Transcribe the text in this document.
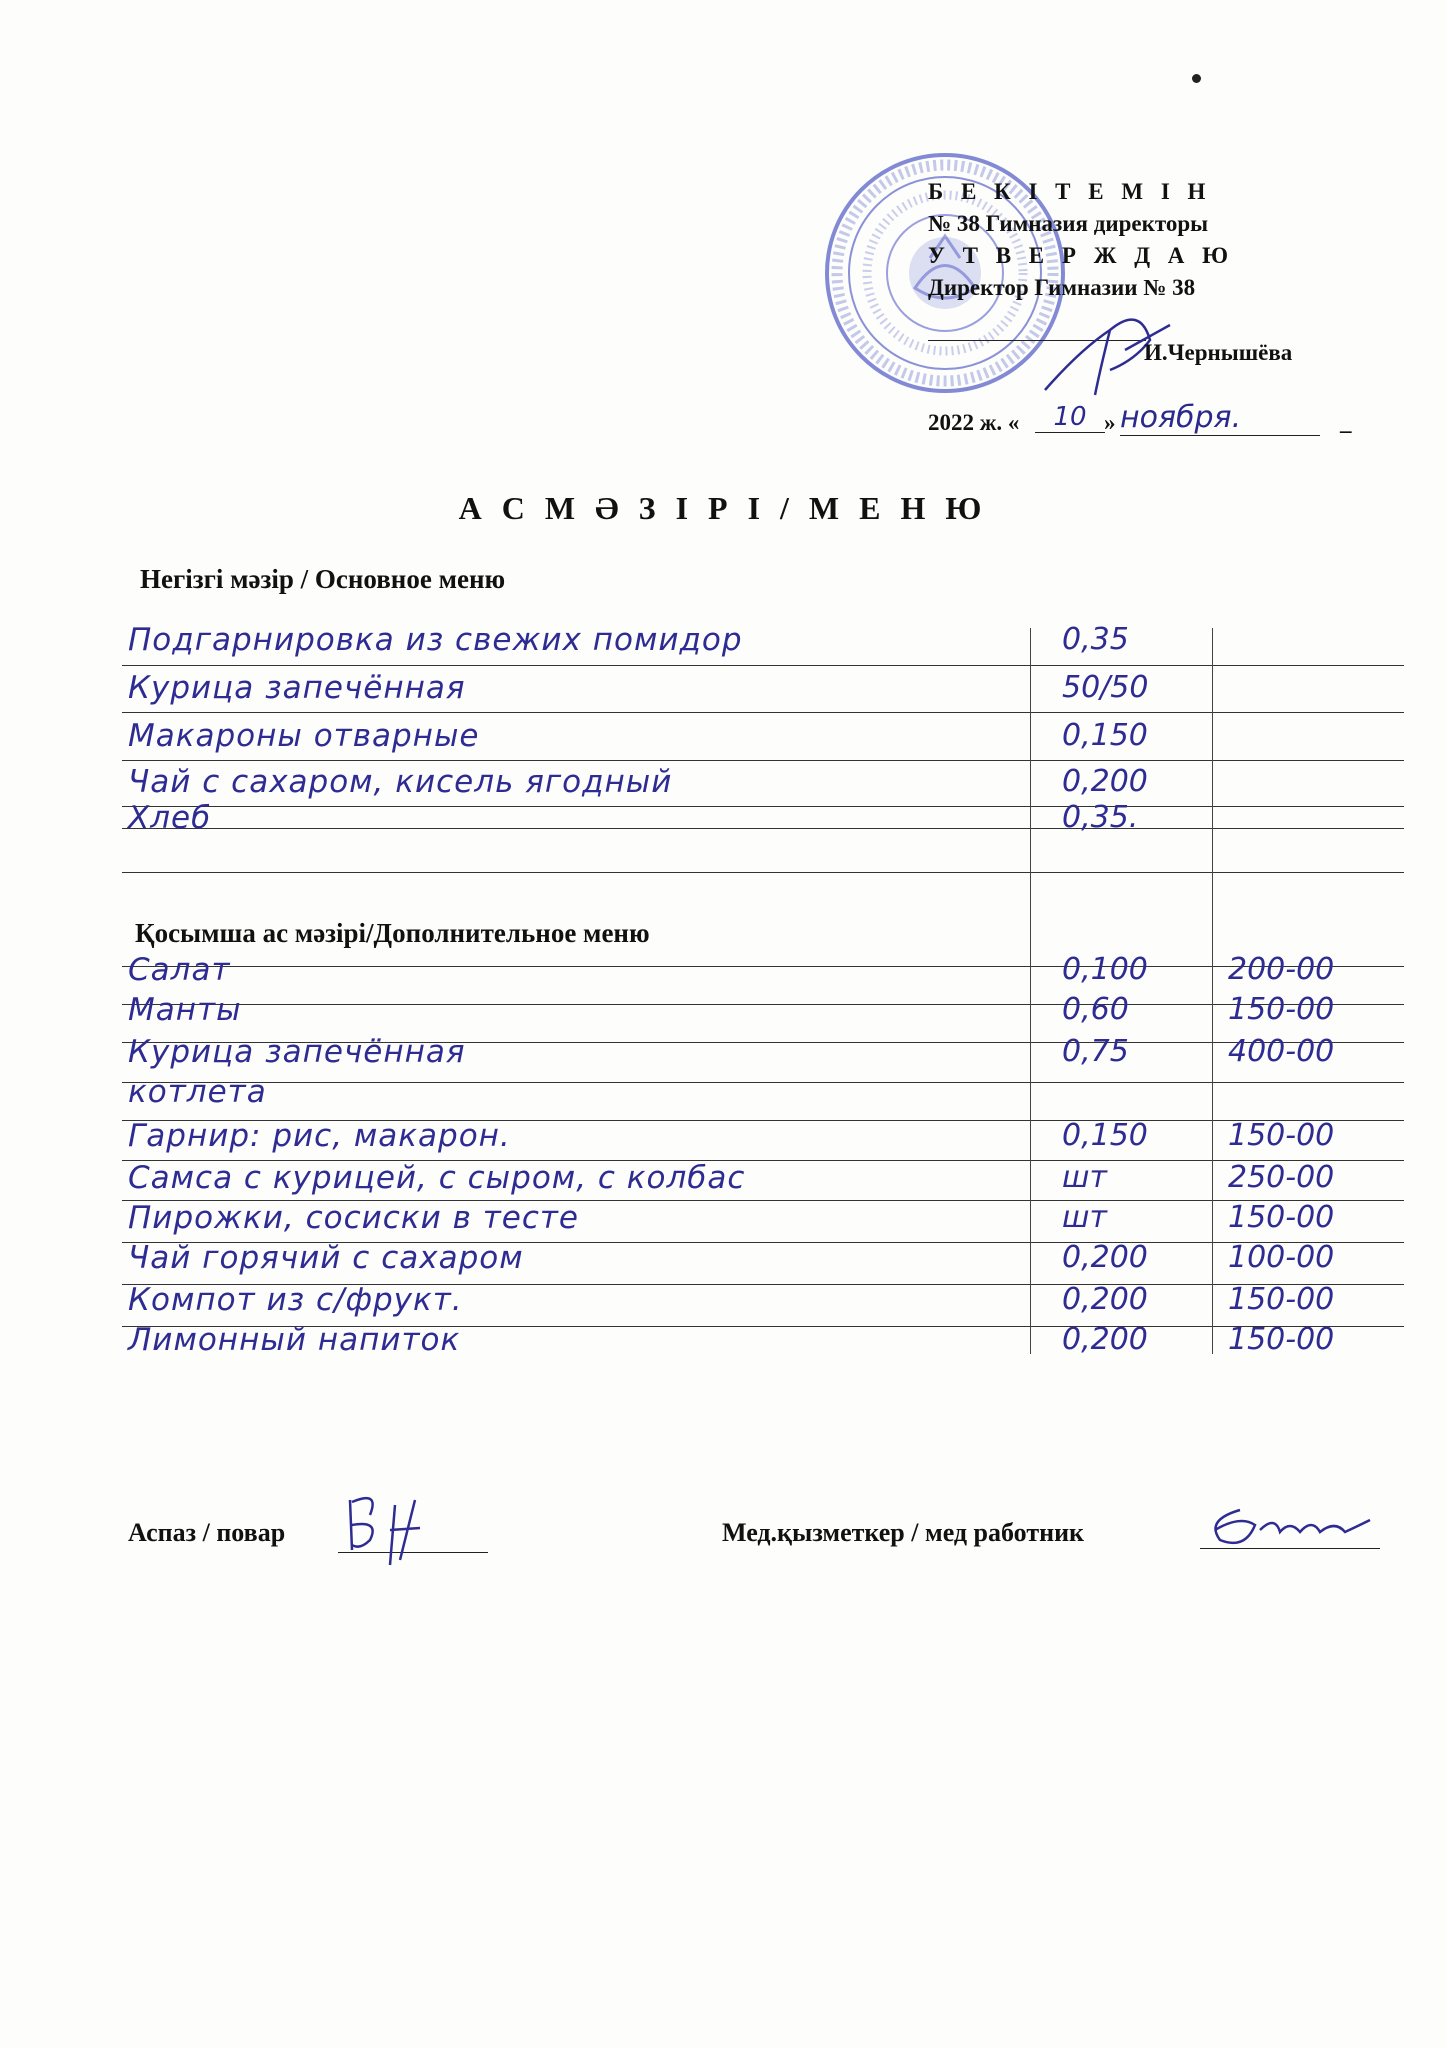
Б Е К І Т Е М І Н
№ 38 Гимназия директоры
У Т В Е Р Ж Д А Ю
Директор Гимназии № 38
И.Чернышёва
2022 ж. «	10 » ноября.	_
А С М Ә З І Р І / М Е Н Ю
Негізгі мәзір / Основное меню
Подгарнировка из свежих помидор	0,35
Курица запечённая	50/50
Макароны отварные	0,150
Чай с сахаром, кисель ягодный	0,200
Хлеб	0,35.
Салат	0,100	200-00
Манты	0,60	150-00
Курица запечённая	0,75	400-00
котлета
Гарнир: рис, макарон.	0,150	150-00
Самса с курицей, с сыром, с колбас	шт	250-00
Пирожки, сосиски в тесте	шт	150-00
Чай горячий с сахаром	0,200	100-00
Компот из с/фрукт.	0,200	150-00
Лимонный напиток	0,200	150-00
Қосымша ас мәзірі/Дополнительное меню
Аспаз / повар	Мед.қызметкер / мед работник
